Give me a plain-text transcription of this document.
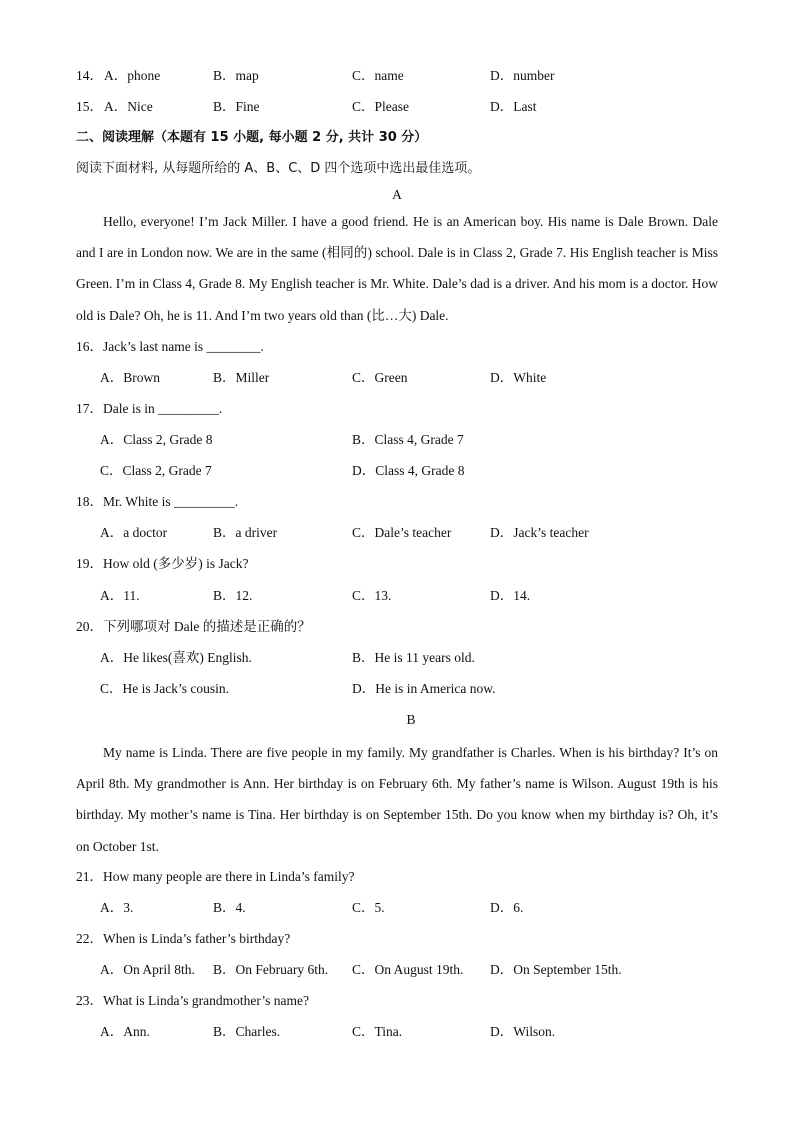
14． A．phone	B．map	C．name	D．number
15． A．Nice	B．Fine	C．Please	D．Last
二、阅读理解（本题有 15 小题, 每小题 2 分, 共计 30 分）
阅读下面材料, 从每题所给的 A、B、C、D 四个选项中选出最佳选项。
A
Hello, everyone! I’m Jack Miller. I have a good friend. He is an American boy. His name is Dale Brown. Dale and I are in London now. We are in the same (相同的) school. Dale is in Class 2, Grade 7. His English teacher is Miss Green. I’m in Class 4, Grade 8. My English teacher is Mr. White. Dale’s dad is a driver. And his mom is a doctor. How old is Dale? Oh, he is 11. And I’m two years old than (比…大) Dale.
16．Jack’s last name is ________.
A．Brown	B．Miller	C．Green	D．White
17．Dale is in _________.
A．Class 2, Grade 8	B．Class 4, Grade 7
C．Class 2, Grade 7	D．Class 4, Grade 8
18．Mr. White is _________.
A．a doctor	B．a driver	C．Dale’s teacher	D．Jack’s teacher
19．How old (多少岁) is Jack?
A．11.	B．12.	C．13.	D．14.
20．下列哪项对 Dale 的描述是正确的？
A．He likes(喜欢) English.	B．He is 11 years old.
C．He is Jack’s cousin.	D．He is in America now.
B
My name is Linda. There are five people in my family. My grandfather is Charles. When is his birthday? It’s on April 8th. My grandmother is Ann. Her birthday is on February 6th. My father’s name is Wilson. August 19th is his birthday. My mother’s name is Tina. Her birthday is on September 15th. Do you know when my birthday is? Oh, it’s on October 1st.
21．How many people are there in Linda’s family?
A．3.	B．4.	C．5.	D．6.
22．When is Linda’s father’s birthday?
A．On April 8th. B．On February 6th. C．On August 19th. D．On September 15th.
23．What is Linda’s grandmother’s name?
A．Ann.	B．Charles.	C．Tina.	D．Wilson.
